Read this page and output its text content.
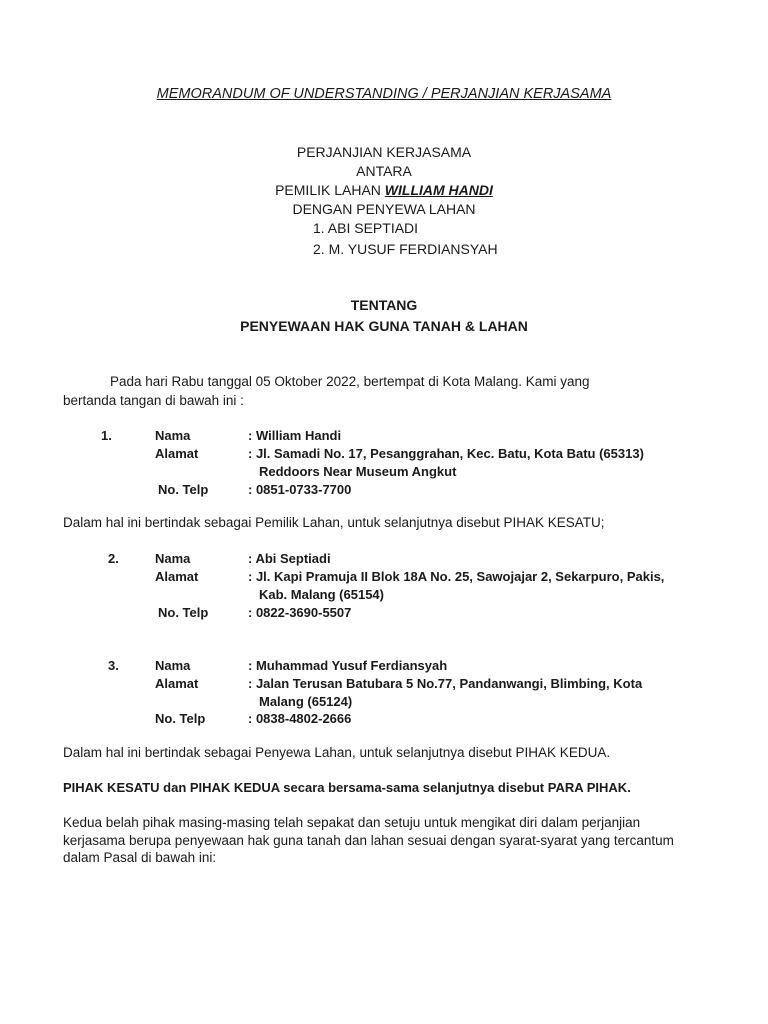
MEMORANDUM OF UNDERSTANDING / PERJANJIAN KERJASAMA
PERJANJIAN KERJASAMA
ANTARA
PEMILIK LAHAN WILLIAM HANDI
DENGAN PENYEWA LAHAN
1. ABI SEPTIADI
2. M. YUSUF FERDIANSYAH
TENTANG
PENYEWAAN HAK GUNA TANAH & LAHAN
Pada hari Rabu tanggal 05 Oktober 2022, bertempat di Kota Malang. Kami yang
bertanda tangan di bawah ini :
1.	Nama	: William Handi
Alamat	: Jl. Samadi No. 17, Pesanggrahan, Kec. Batu, Kota Batu (65313)
Reddoors Near Museum Angkut
No. Telp	: 0851-0733-7700
Dalam hal ini bertindak sebagai Pemilik Lahan, untuk selanjutnya disebut PIHAK KESATU;
2.	Nama	: Abi Septiadi
Alamat	: Jl. Kapi Pramuja II Blok 18A No. 25, Sawojajar 2, Sekarpuro, Pakis,
Kab. Malang (65154)
No. Telp	: 0822-3690-5507
3.	Nama	: Muhammad Yusuf Ferdiansyah
Alamat	: Jalan Terusan Batubara 5 No.77, Pandanwangi, Blimbing, Kota
Malang (65124)
No. Telp	: 0838-4802-2666
Dalam hal ini bertindak sebagai Penyewa Lahan, untuk selanjutnya disebut PIHAK KEDUA.
PIHAK KESATU dan PIHAK KEDUA secara bersama-sama selanjutnya disebut PARA PIHAK.
Kedua belah pihak masing-masing telah sepakat dan setuju untuk mengikat diri dalam perjanjian
kerjasama berupa penyewaan hak guna tanah dan lahan sesuai dengan syarat-syarat yang tercantum
dalam Pasal di bawah ini:
